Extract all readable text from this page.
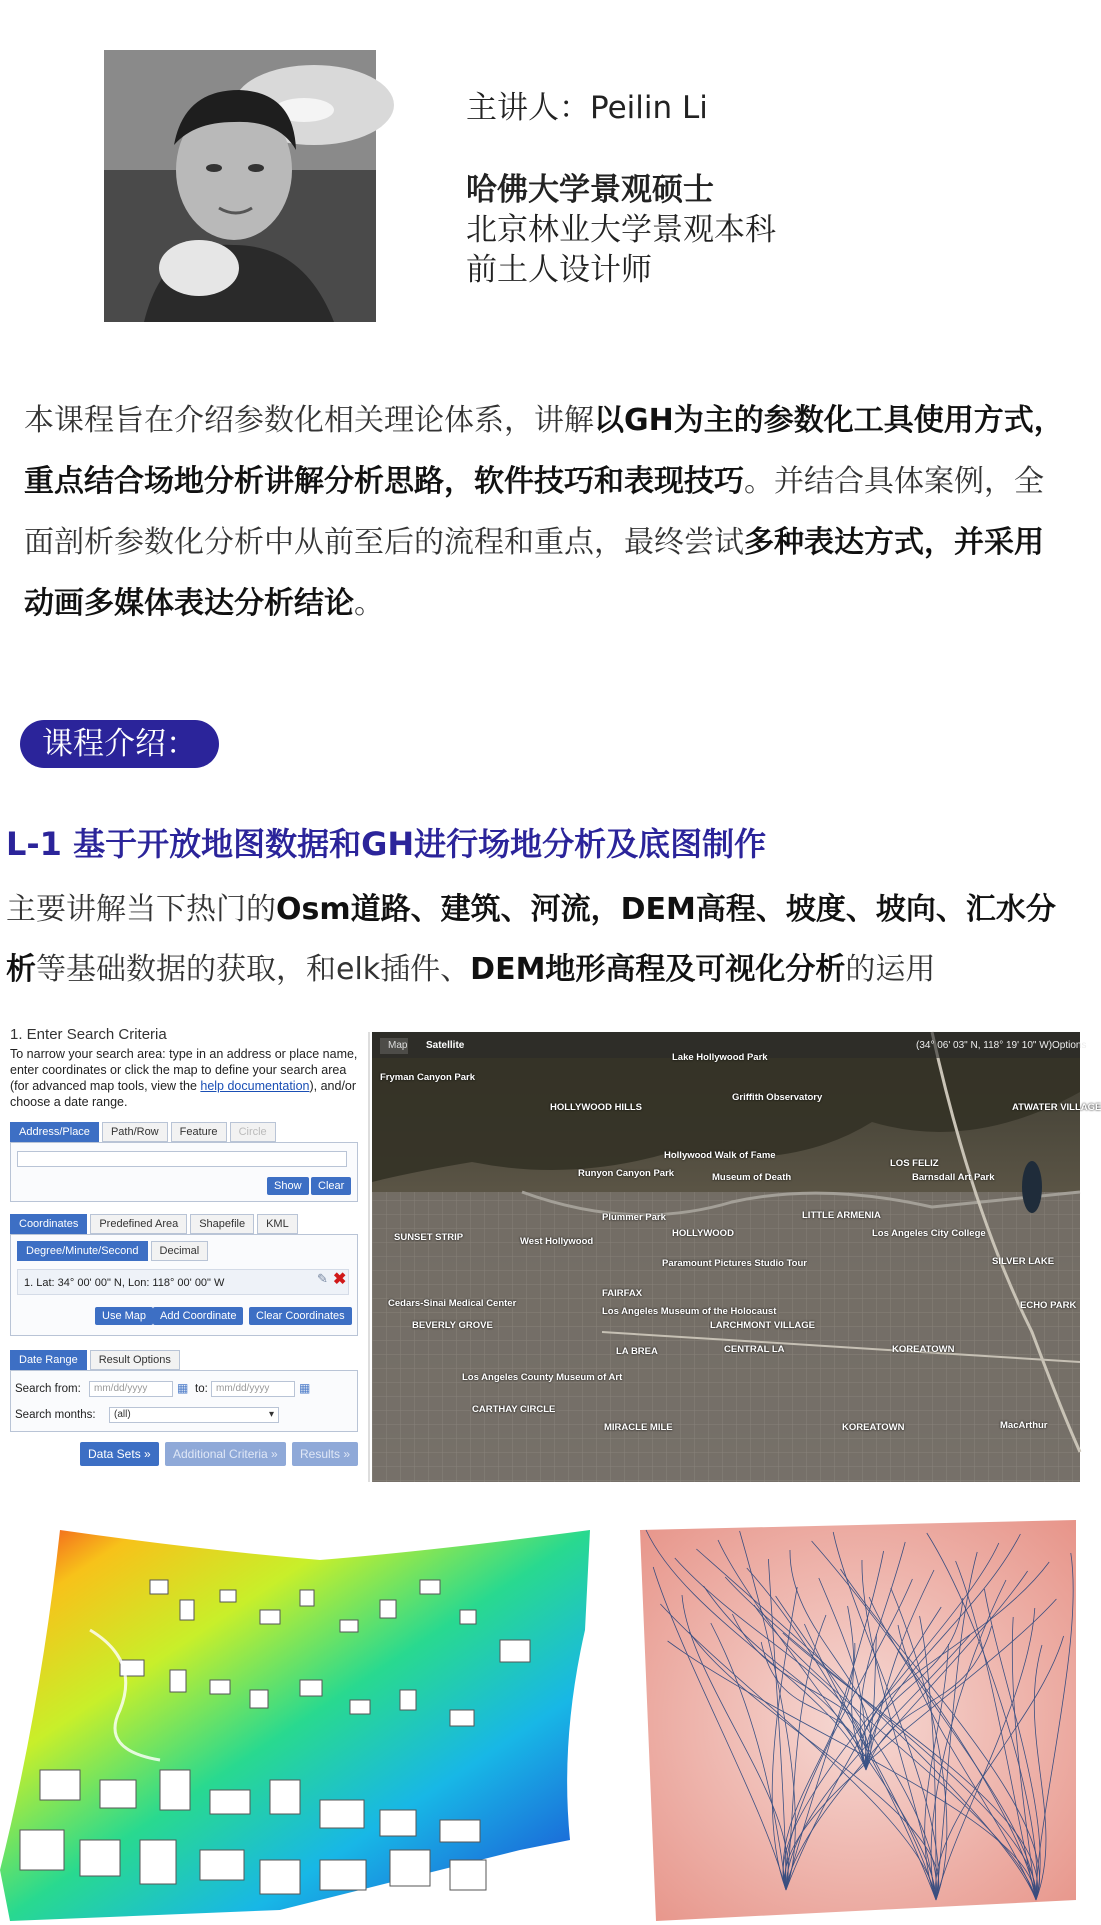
主讲人：Peilin Li
哈佛大学景观硕士
北京林业大学景观本科
前土人设计师
本课程旨在介绍参数化相关理论体系，讲解以GH为主的参数化工具使用方式，重点结合场地分析讲解分析思路，软件技巧和表现技巧。并结合具体案例，全面剖析参数化分析中从前至后的流程和重点，最终尝试多种表达方式，并采用动画多媒体表达分析结论。
课程介绍：
L-1 基于开放地图数据和GH进行场地分析及底图制作
主要讲解当下热门的Osm道路、建筑、河流，DEM高程、坡度、坡向、汇水分析等基础数据的获取，和elk插件、DEM地形高程及可视化分析的运用
1. Enter Search Criteria
To narrow your search area: type in an address or place name, enter coordinates or click the map to define your search area (for advanced map tools, view the help documentation), and/or choose a date range.
Address/Place	Path/Row	Feature	Circle
Show	Clear
Coordinates	Predefined Area	Shapefile	KML
Degree/Minute/Second	Decimal
1. Lat: 34° 00' 00" N, Lon: 118° 00' 00" W	✎ ✖
Use Map	Add Coordinate	Clear Coordinates
Date Range	Result Options
Search from:	mm/dd/yyyy	▦ to: mm/dd/yyyy	▦
Search months:	(all)	▾
Data Sets »	Additional Criteria »	Results »
Map Satellite	(34° 06' 03" N, 118° 19' 10" W) Options
Lake Hollywood Park
Fryman Canyon Park
HOLLYWOOD HILLS
Griffith Observatory
ATWATER VILLAGE
Hollywood Walk of Fame
Runyon Canyon Park	Museum of Death
LOS FELIZ
Barnsdall Art Park
Plummer Park	LITTLE ARMENIA
SUNSET STRIP	HOLLYWOOD
West Hollywood
Los Angeles City College
Paramount Pictures Studio Tour	SILVER LAKE
FAIRFAX
Los Angeles Museum of the Holocaust
Cedars-Sinai Medical Center
BEVERLY GROVE	LARCHMONT VILLAGE
ECHO PARK
KOREATOWN
LA BREA	CENTRAL LA
Los Angeles County Museum of Art
CARTHAY CIRCLE
MIRACLE MILE	KOREATOWN	MacArthur
